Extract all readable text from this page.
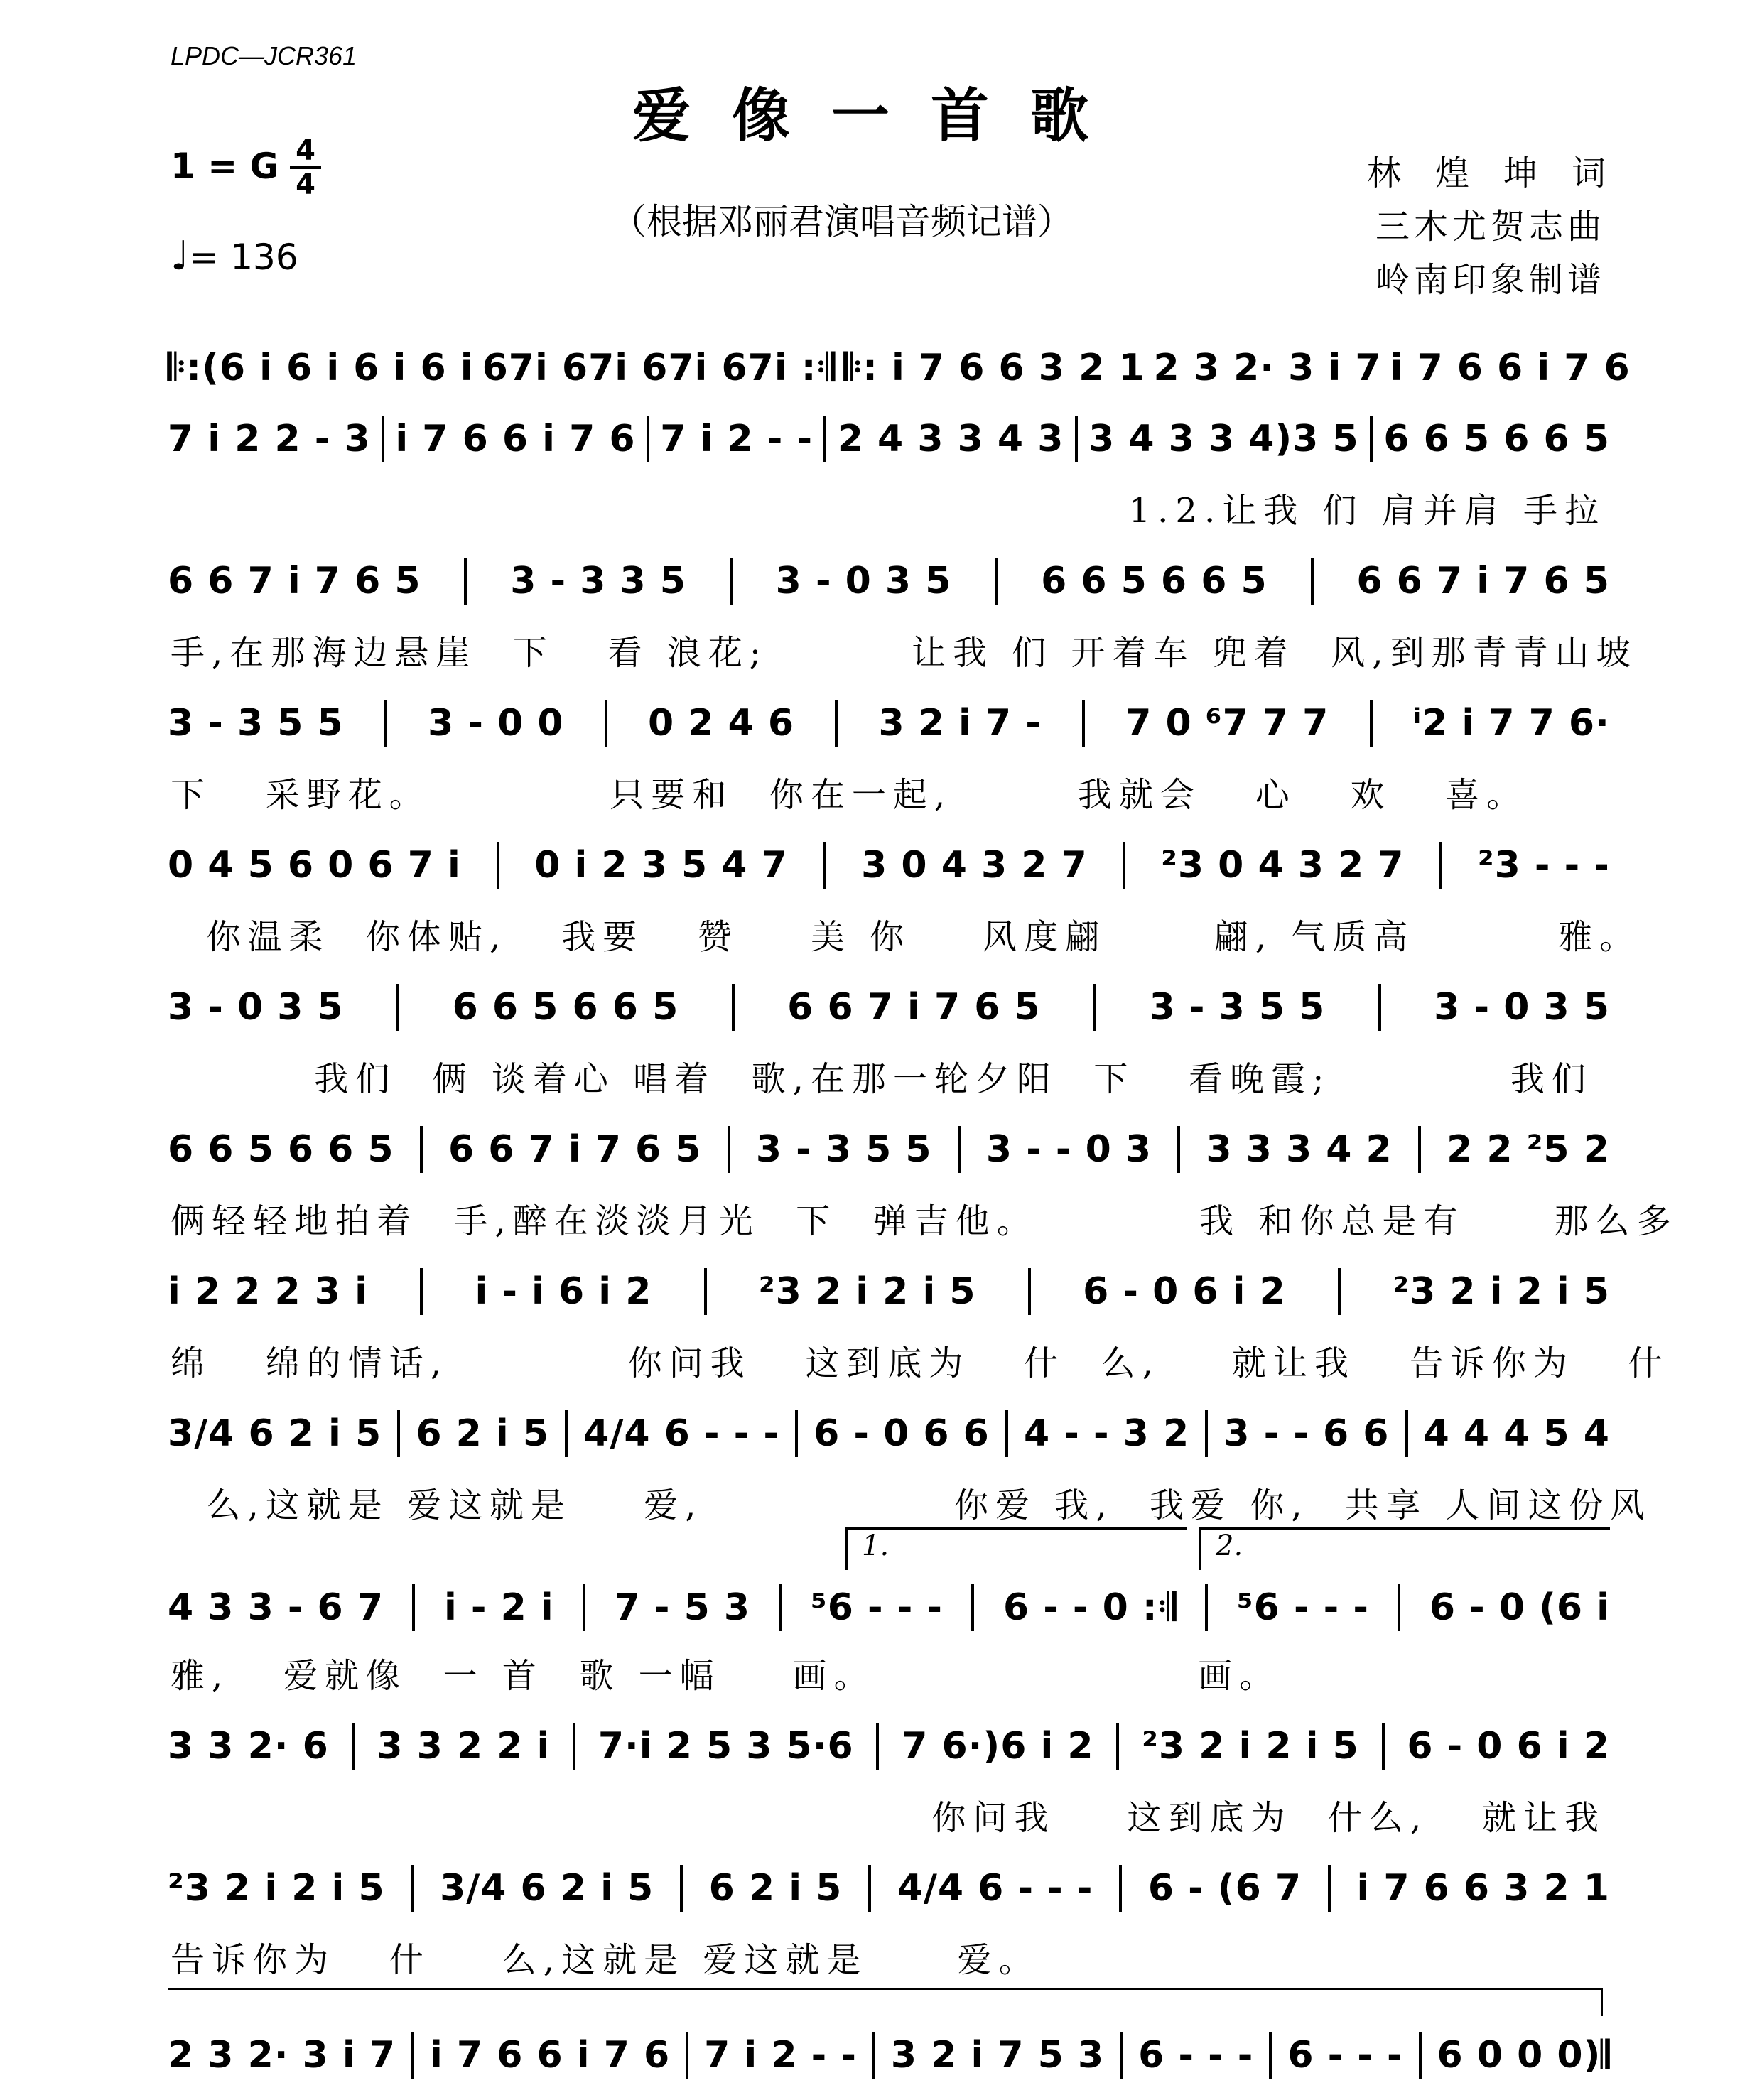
LPDC—JCR361
爱像一首歌
1 = G $\frac{4}{4}$
♩= 136
（根据邓丽君演唱音频记谱）
林煌坤词
三木尤贺志曲
岭南印象制谱
𝄆:(6 i 6 i 6 i 6 i 67i 67i 67i 67i :𝄇 𝄆: i 7 6 6 3 2 1 2 3 2· 3 i 7 i 7 6 6 i 7 6
7 i 2 2 - 3 i 7 6 6 i 7 6 7 i 2 - - 2 4 3 3 4 3 3 4 3 3 4)3 5 6 6 5 6 6 5
1.2.让我 们 肩并肩 手拉
6 6 7 i 7 6 5 3 - 3 3 5 3 - 0 3 5 6 6 5 6 6 5 6 6 7 i 7 6 5
手,在那海边悬崖  下   看 浪花;        让我 们 开着车 兜着  风,到那青青山坡
3 - 3 5 5 3 - 0 0 0 2 4 6 3 2 i 7 - 7 0 ⁶7 7 7 ⁱ2 i 7 7 6·
下   采野花。          只要和  你在一起,       我就会   心   欢   喜。
0 4 5 6 0 6 7 i 0 i 2 3 5 4 7 3 0 4 3 2 7 ²3 0 4 3 2 7 ²3 - - -
你温柔  你体贴,   我要   赞    美 你    风度翩      翩, 气质高        雅。
3 - 0 3 5	6 6 5 6 6 5	6 6 7 i 7 6 5	3 - 3 5 5	3 - 0 3 5
我们  俩 谈着心 唱着  歌,在那一轮夕阳  下   看晚霞;          我们
6 6 5 6 6 5 6 6 7 i 7 6 5 3 - 3 5 5 3 - - 0 3 3 3 3 4 2 2 2 ²5 2
俩轻轻地拍着  手,醉在淡淡月光  下  弹吉他。         我 和你总是有     那么多
i 2 2 2 3 i	i - i 6 i 2	²3 2 i 2 i 5	6 - 0 6 i 2	²3 2 i 2 i 5
绵   绵的情话,          你问我   这到底为   什  么,    就让我   告诉你为   什
3/4 6 2 i 5 6 2 i 5 4/4 6 - - - 6 - 0 6 6 4 - - 3 2 3 - - 6 6 4 4 4 5 4
么,这就是 爱这就是    爱,              你爱 我,  我爱 你,  共享 人间这份风
4 3 3 - 6 7 i - 2 i 7 - 5 3 ⁵6 - - - 6 - - 0 :𝄇 ⁵6 - - - 6 - 0 (6 i
雅,   爱就像  一 首  歌 一幅    画。                  画。
3 3 2· 6 3 3 2 2 i 7·i 2 5 3 5·6 7 6·)6 i 2 ²3 2 i 2 i 5 6 - 0 6 i 2
你问我    这到底为  什么,   就让我
²3 2 i 2 i 5 3/4 6 2 i 5 6 2 i 5 4/4 6 - - - 6 - (6 7 i 7 6 6 3 2 1
告诉你为   什    么,这就是 爱这就是     爱。
2 3 2· 3 i 7 i 7 6 6 i 7 6 7 i 2 - - 3 2 i 7 5 3 6 - - - 6 - - - 6 0 0 0)𝄂
1.	2.
